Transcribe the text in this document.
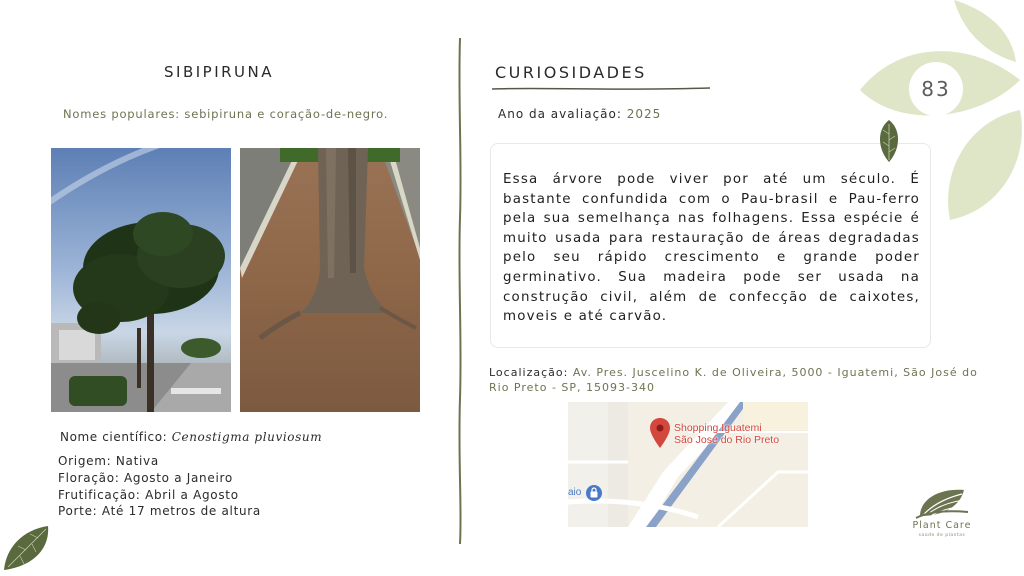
SIBIPIRUNA
Nomes populares: sebipiruna e coração-de-negro.
Nome científico: Cenostigma pluviosum
Origem: Nativa
Floração: Agosto a Janeiro
Frutificação: Abril a Agosto
Porte: Até 17 metros de altura
CURIOSIDADES
Ano da avaliação: 2025

Essa árvore pode viver por até um século. É bastante confundida com o Pau-brasil e Pau-ferro pela sua semelhança nas folhagens. Essa espécie é muito usada para restauração de áreas degradadas pelo seu rápido crescimento e grande poder germinativo. Sua madeira pode ser usada na construção civil, além de confecção de caixotes, moveis e até carvão.

Localização: Av. Pres. Juscelino K. de Oliveira, 5000 - Iguatemi, São José do Rio Preto - SP, 15093-340
Shopping Iguatemi
São José do Rio Preto
aio
83
Plant Care
saúde de plantas
